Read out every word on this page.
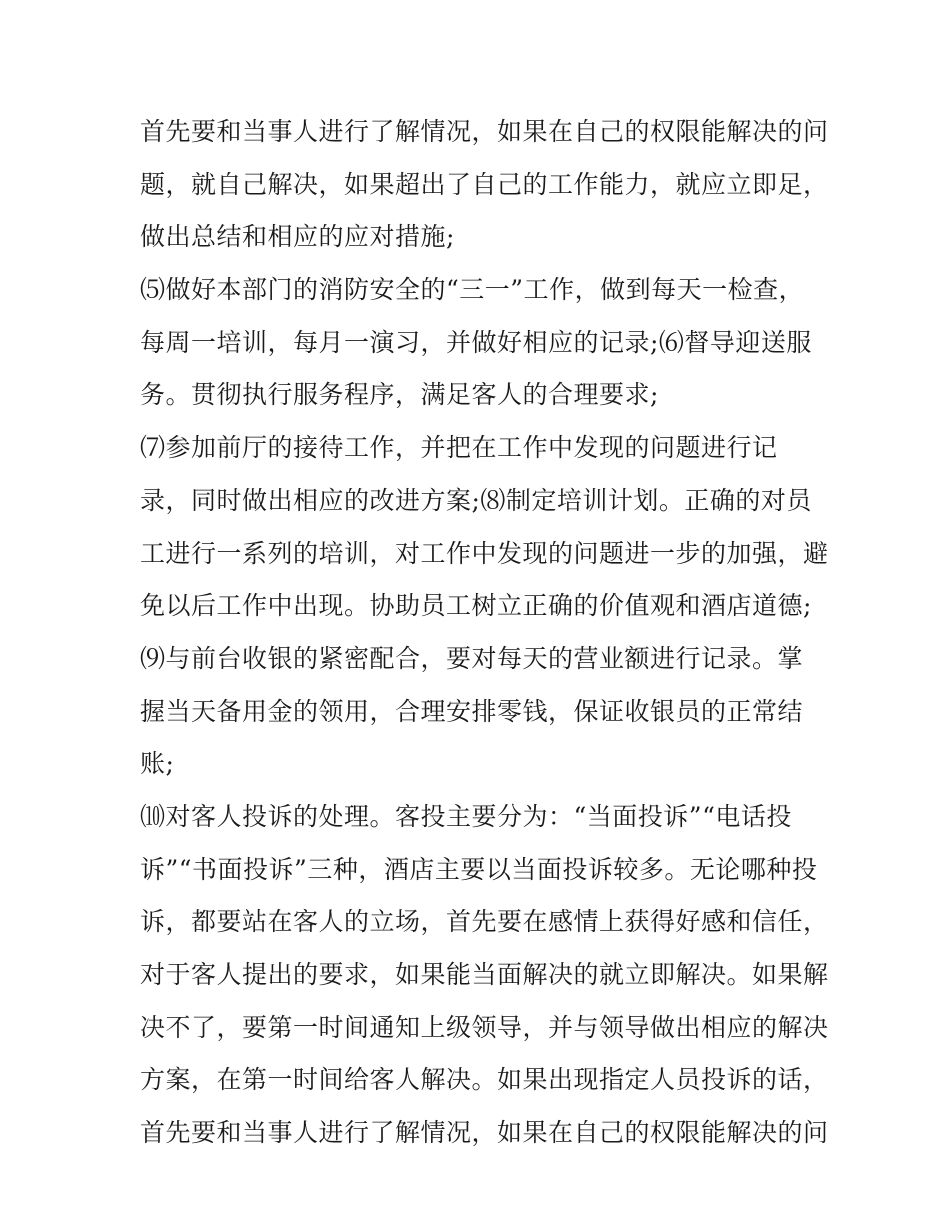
首先要和当事人进行了解情况，如果在自己的权限能解决的问
题，就自己解决，如果超出了自己的工作能力，就应立即足，
做出总结和相应的应对措施;
⑸做好本部门的消防安全的“三一”工作，做到每天一检查，
每周一培训，每月一演习，并做好相应的记录;⑹督导迎送服
务。贯彻执行服务程序，满足客人的合理要求;
⑺参加前厅的接待工作，并把在工作中发现的问题进行记
录，同时做出相应的改进方案;⑻制定培训计划。正确的对员
工进行一系列的培训，对工作中发现的问题进一步的加强，避
免以后工作中出现。协助员工树立正确的价值观和酒店道德;
⑼与前台收银的紧密配合，要对每天的营业额进行记录。掌
握当天备用金的领用，合理安排零钱，保证收银员的正常结
账;
⑽对客人投诉的处理。客投主要分为：“当面投诉”“电话投
诉”“书面投诉”三种，酒店主要以当面投诉较多。无论哪种投
诉，都要站在客人的立场，首先要在感情上获得好感和信任，
对于客人提出的要求，如果能当面解决的就立即解决。如果解
决不了，要第一时间通知上级领导，并与领导做出相应的解决
方案，在第一时间给客人解决。如果出现指定人员投诉的话，
首先要和当事人进行了解情况，如果在自己的权限能解决的问
